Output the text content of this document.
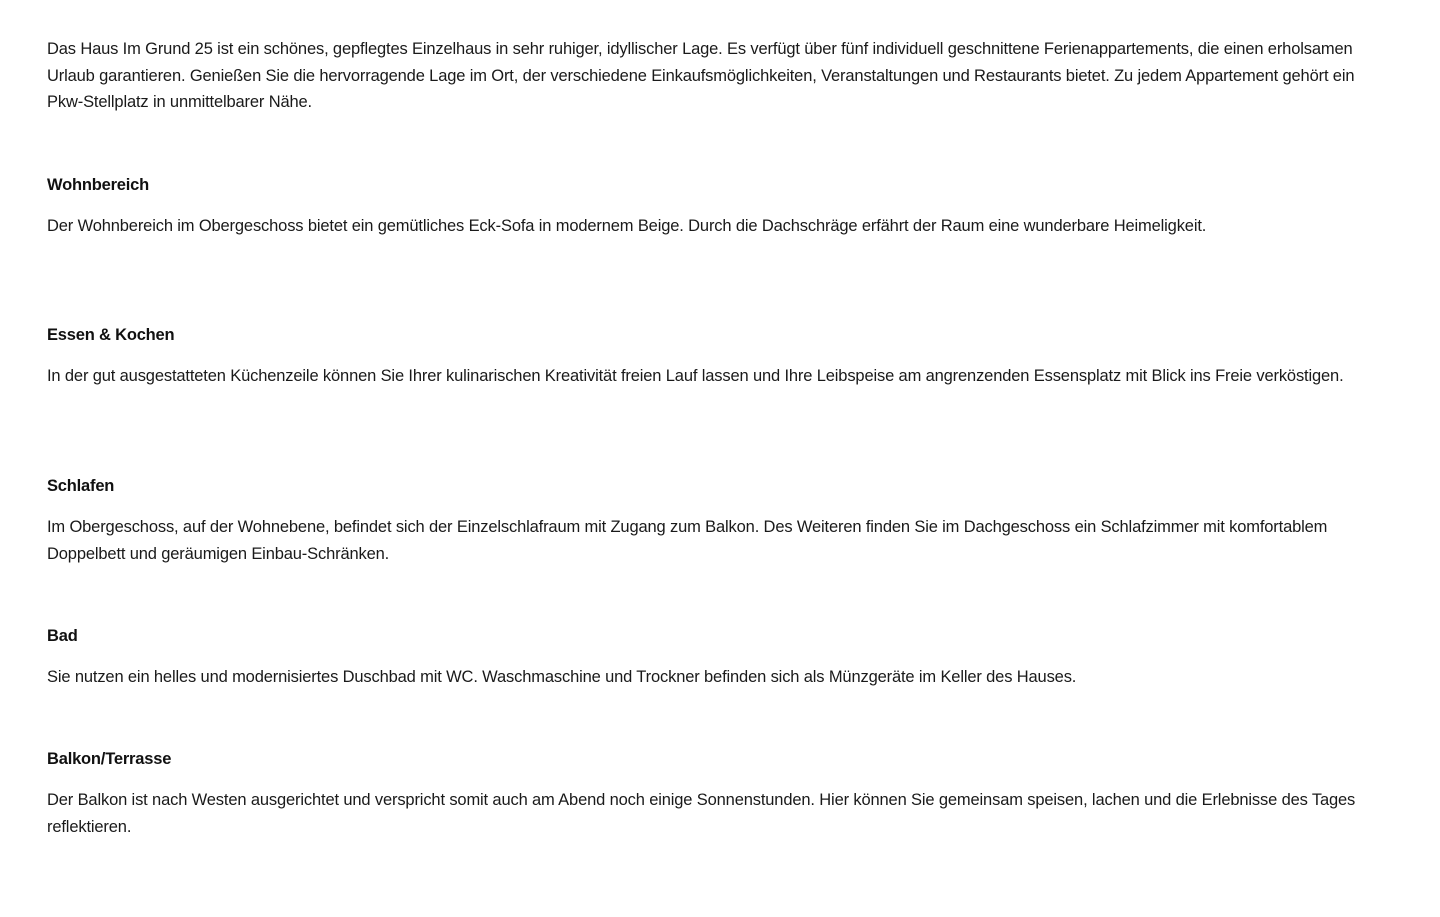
Das Haus Im Grund 25 ist ein schönes, gepflegtes Einzelhaus in sehr ruhiger, idyllischer Lage. Es verfügt über fünf individuell geschnittene Ferienappartements, die einen erholsamen Urlaub garantieren. Genießen Sie die hervorragende Lage im Ort, der verschiedene Einkaufsmöglichkeiten, Veranstaltungen und Restaurants bietet. Zu jedem Appartement gehört ein Pkw-Stellplatz in unmittelbarer Nähe.

Wohnbereich

Der Wohnbereich im Obergeschoss bietet ein gemütliches Eck-Sofa in modernem Beige. Durch die Dachschräge erfährt der Raum eine wunderbare Heimeligkeit.

Essen & Kochen

In der gut ausgestatteten Küchenzeile können Sie Ihrer kulinarischen Kreativität freien Lauf lassen und Ihre Leibspeise am angrenzenden Essensplatz mit Blick ins Freie verköstigen.

Schlafen

Im Obergeschoss, auf der Wohnebene, befindet sich der Einzelschlafraum mit Zugang zum Balkon. Des Weiteren finden Sie im Dachgeschoss ein Schlafzimmer mit komfortablem Doppelbett und geräumigen Einbau-Schränken.

Bad

Sie nutzen ein helles und modernisiertes Duschbad mit WC. Waschmaschine und Trockner befinden sich als Münzgeräte im Keller des Hauses.

Balkon/Terrasse

Der Balkon ist nach Westen ausgerichtet und verspricht somit auch am Abend noch einige Sonnenstunden. Hier können Sie gemeinsam speisen, lachen und die Erlebnisse des Tages reflektieren.
